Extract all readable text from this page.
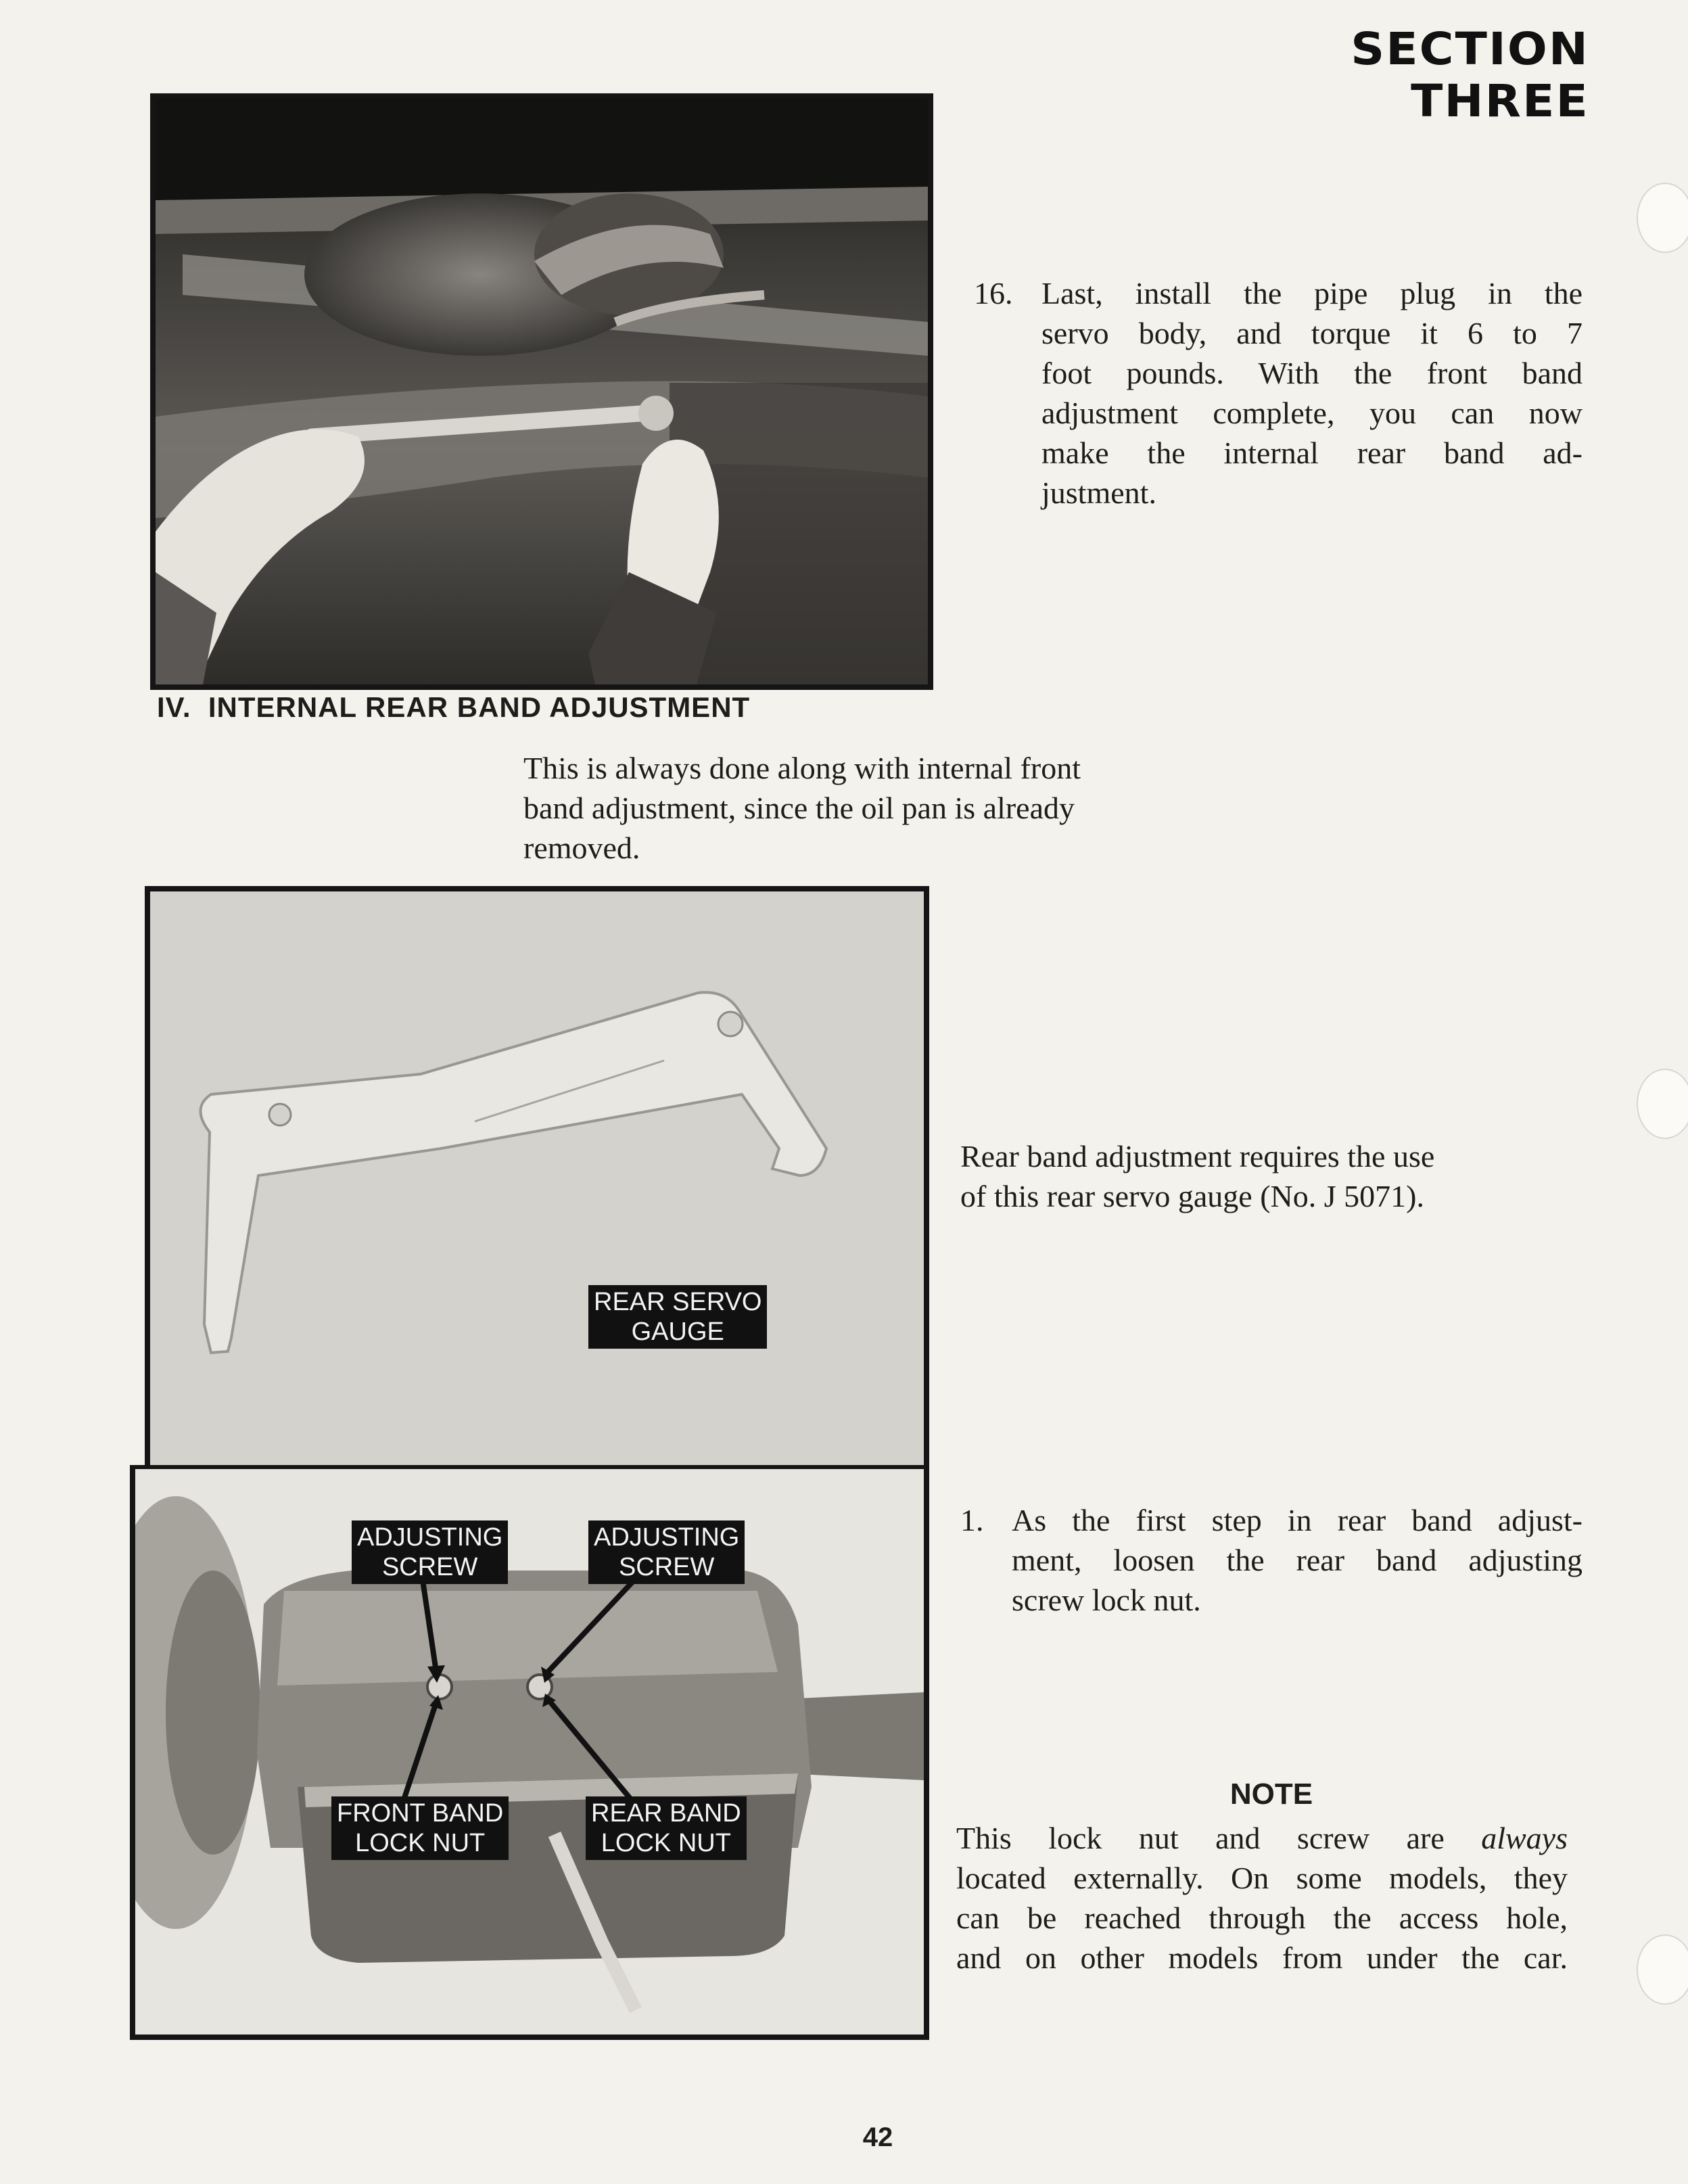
SECTION THREE
16. Last, install the pipe plug in the
servo body, and torque it 6 to 7
foot pounds. With the front band
adjustment complete, you can now
make the internal rear band ad-
justment.
IV.  INTERNAL REAR BAND ADJUSTMENT
This is always done along with internal front
band adjustment, since the oil pan is already
removed.
REAR SERVO
GAUGE
Rear band adjustment requires the use
of this rear servo gauge (No. J 5071).
ADJUSTING
SCREW
ADJUSTING
SCREW
FRONT BAND
LOCK NUT
REAR BAND
LOCK NUT
1. As the first step in rear band adjust-
ment, loosen the rear band adjusting
screw lock nut.
NOTE
This lock nut and screw are always
located externally. On some models, they
can be reached through the access hole,
and on other models from under the car.
42
